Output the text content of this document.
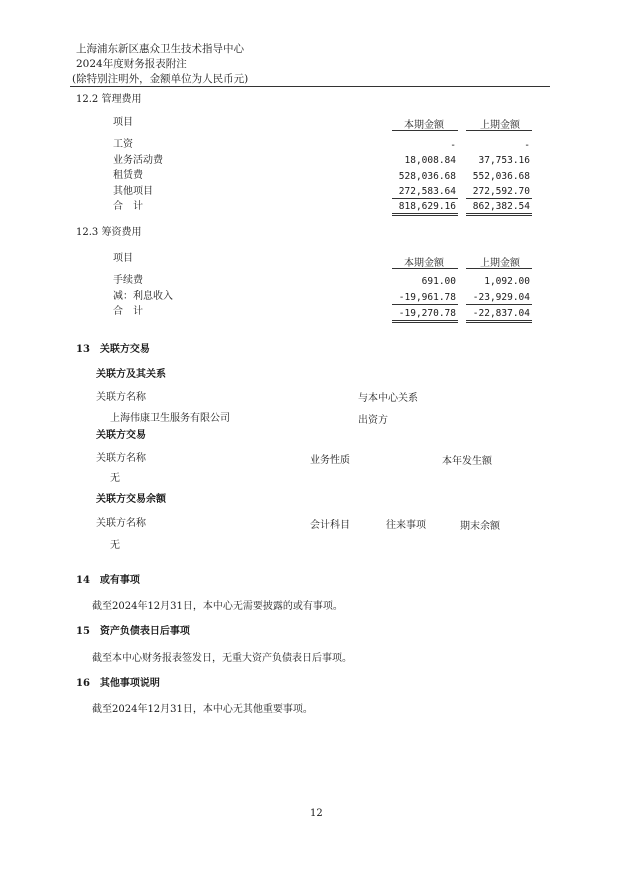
上海浦东新区惠众卫生技术指导中心
2024年度财务报表附注
(除特别注明外，金额单位为人民币元)
12.2 管理费用
项目	本期金额	上期金额
工资	-	-
业务活动费	18,008.84	37,753.16
租赁费	528,036.68	552,036.68
其他项目	272,583.64	272,592.70
合　计	818,629.16	862,382.54
12.3 筹资费用
项目	本期金额	上期金额
手续费	691.00	1,092.00
减：利息收入	-19,961.78	-23,929.04
合　计	-19,270.78	-22,837.04
13　关联方交易
关联方及其关系
关联方名称	与本中心关系
上海伟康卫生服务有限公司	出资方
关联方交易
关联方名称	业务性质	本年发生额
无
关联方交易余额
关联方名称	会计科目	往来事项	期末余额
无
14　或有事项
截至2024年12月31日，本中心无需要披露的或有事项。
15　资产负债表日后事项
截至本中心财务报表签发日，无重大资产负债表日后事项。
16　其他事项说明
截至2024年12月31日，本中心无其他重要事项。
12
